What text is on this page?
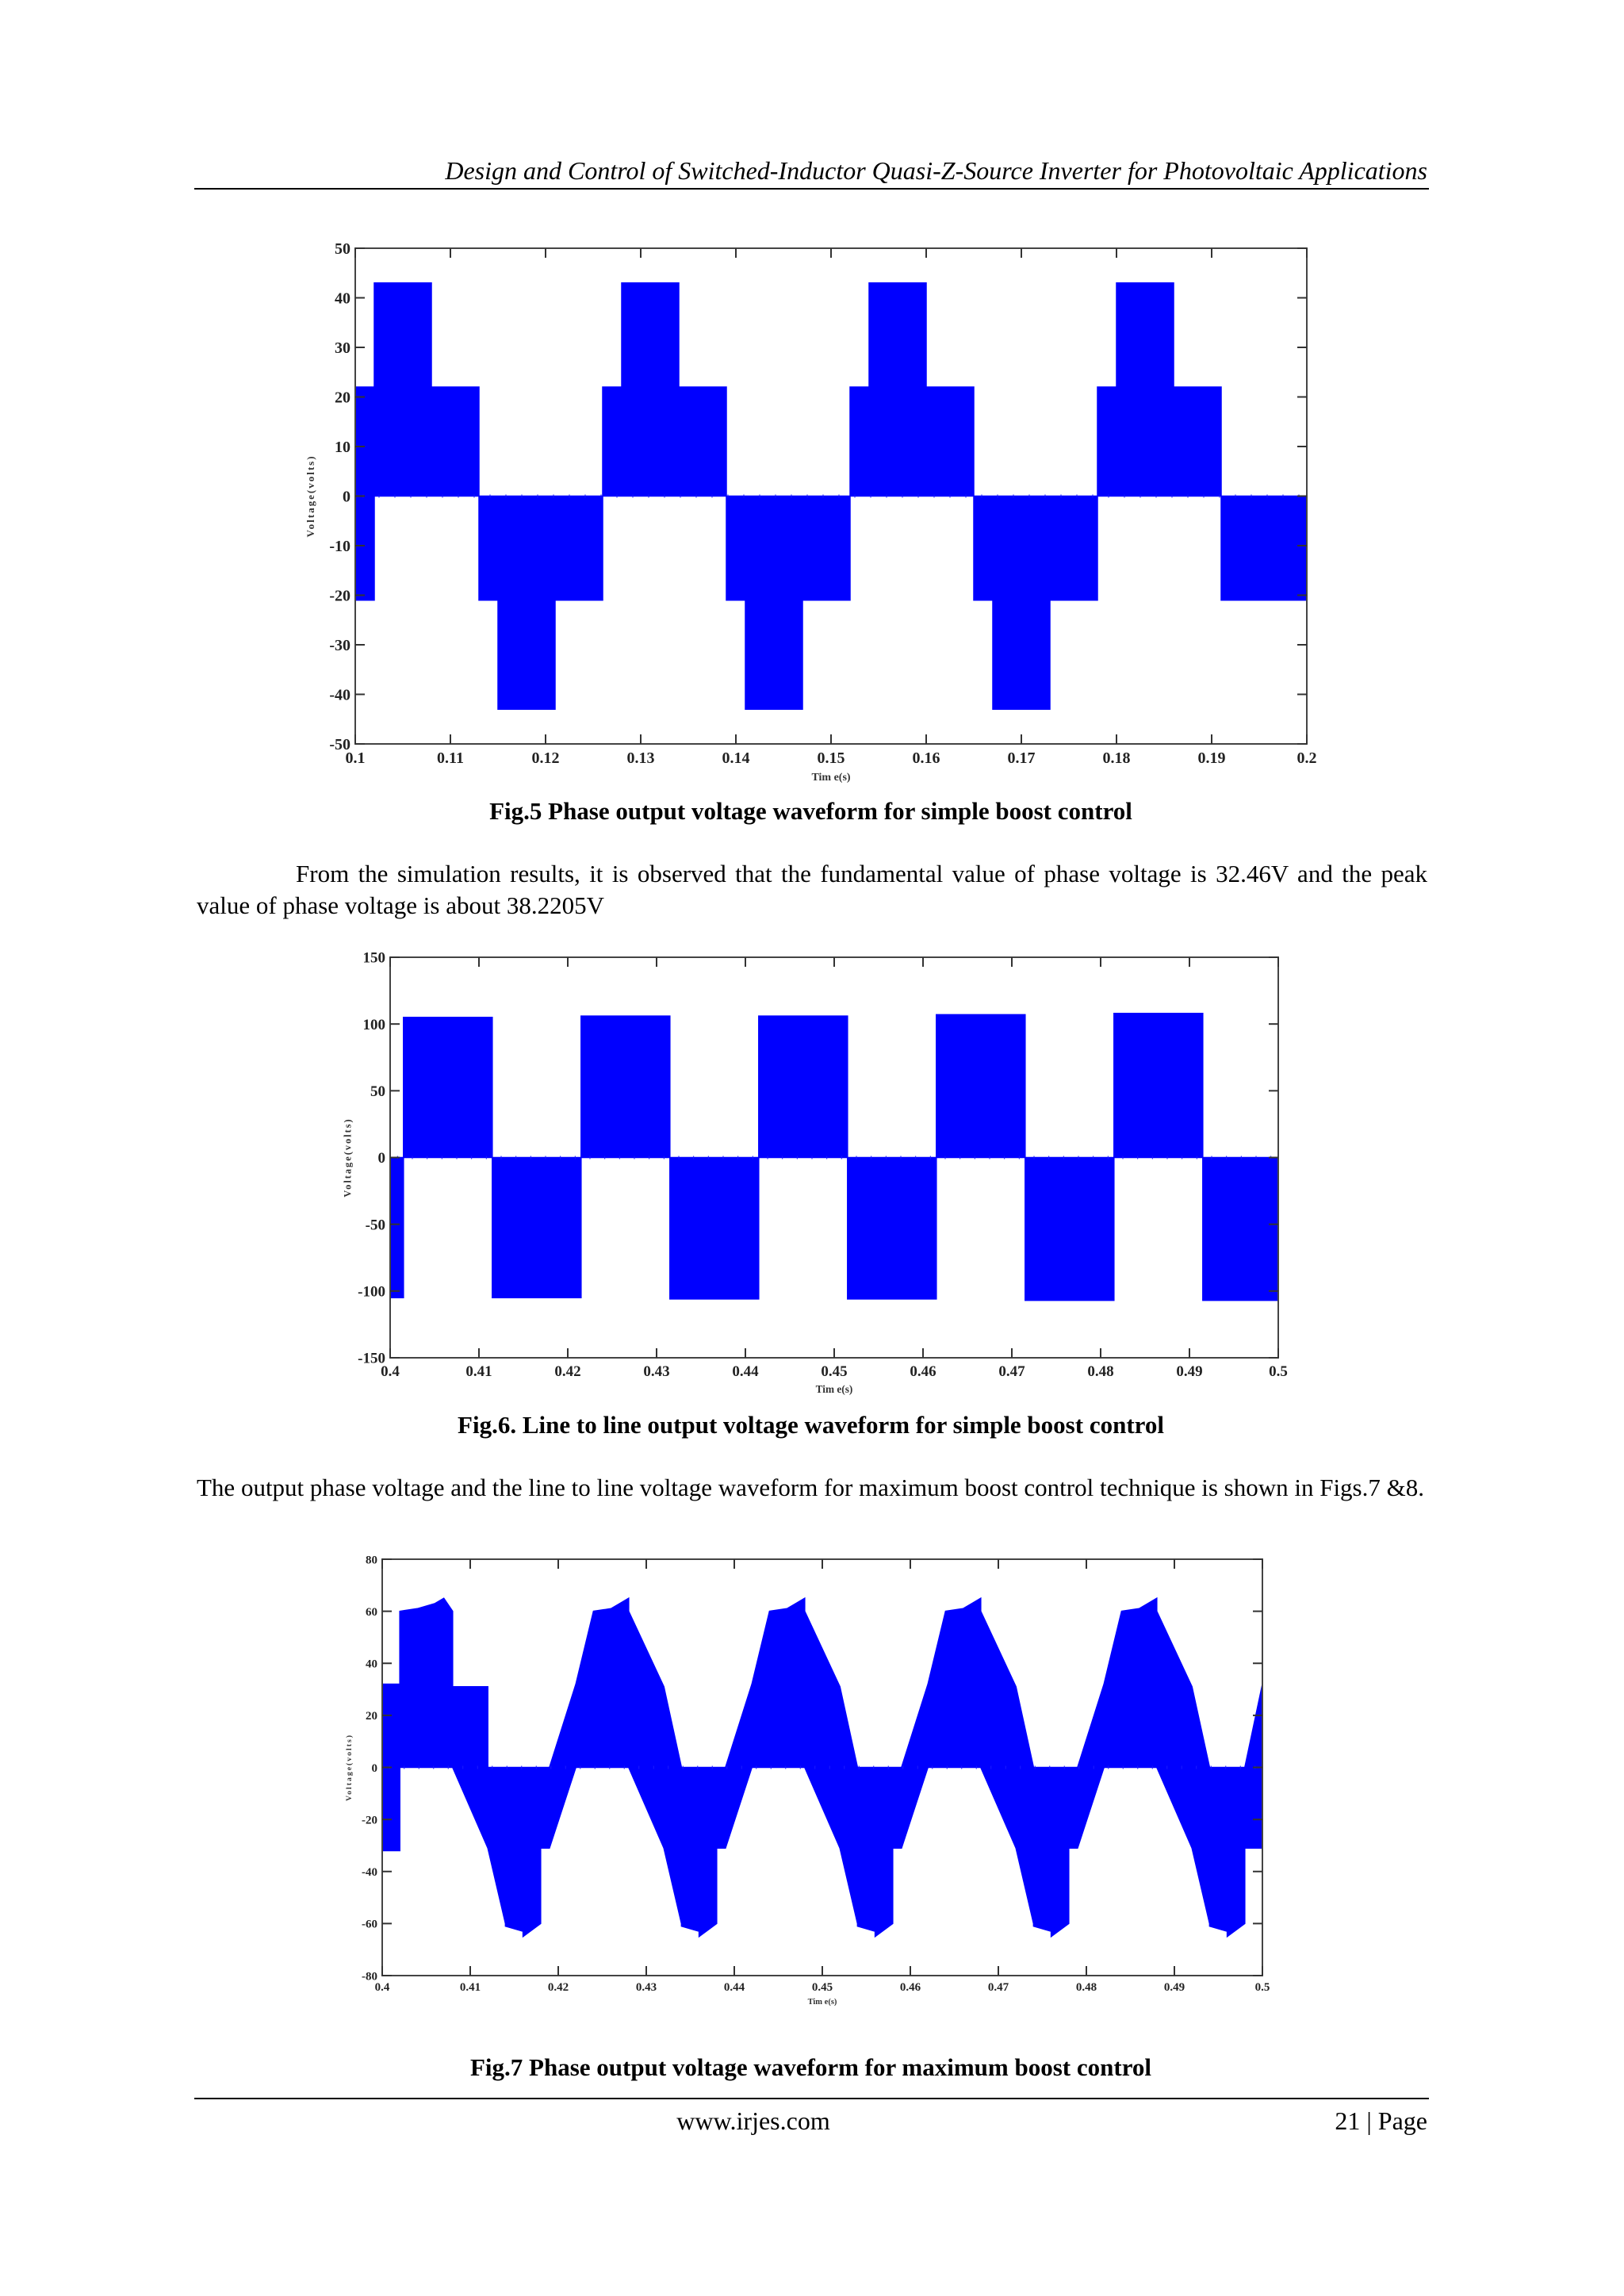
Design and Control of Switched-Inductor Quasi-Z-Source Inverter for Photovoltaic Applications
0.1	0.11	0.12	0.13	0.14	0.15	0.16	0.17	0.18	0.19	0.2
50
40
30
20
10
0
-10
-20
-30
-40
-50
Tim e(s)
Voltage(volts)
Fig.5 Phase output voltage waveform for simple boost control

From the simulation results, it is observed that the fundamental value of phase voltage is 32.46V and the peak value of phase voltage is about 38.2205V

0.4	0.41	0.42	0.43	0.44	0.45	0.46	0.47	0.48	0.49	0.5
150
100
50
0
-50
-100
-150
Tim e(s)
Voltage(volts)
Fig.6. Line to line output voltage waveform for simple boost control

The output phase voltage and the line to line voltage waveform for maximum boost control technique is shown in Figs.7 &8.

0.4	0.41	0.42	0.43	0.44	0.45	0.46	0.47	0.48	0.49	0.5
80
60
40
20
0
-20
-40
-60
-80
Tim e(s)
Voltage(volts)
Fig.7 Phase output voltage waveform for maximum boost control
www.irjes.com	21 | Page
